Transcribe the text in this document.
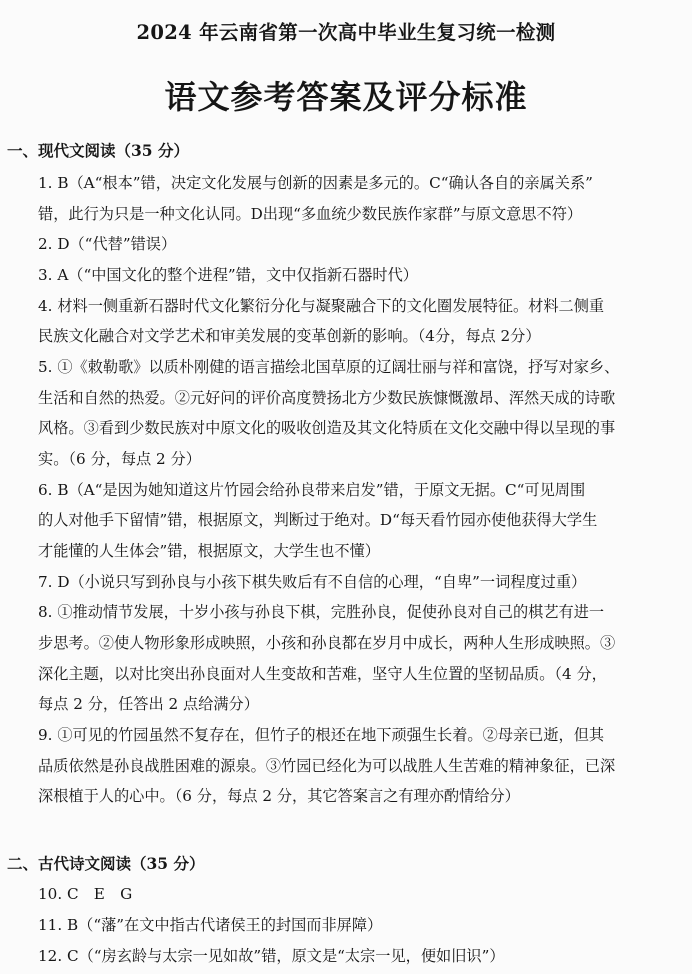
2024 年云南省第一次高中毕业生复习统一检测
语文参考答案及评分标准
一、现代文阅读（35 分）
1. B（A“根本”错，决定文化发展与创新的因素是多元的。C“确认各自的亲属关系”
错，此行为只是一种文化认同。D出现“多血统少数民族作家群”与原文意思不符）
2. D（“代替”错误）
3. A（“中国文化的整个进程”错，文中仅指新石器时代）
4. 材料一侧重新石器时代文化繁衍分化与凝聚融合下的文化圈发展特征。材料二侧重
民族文化融合对文学艺术和审美发展的变革创新的影响。（4分，每点 2分）
5. ①《敕勒歌》以质朴刚健的语言描绘北国草原的辽阔壮丽与祥和富饶，抒写对家乡、
生活和自然的热爱。②元好问的评价高度赞扬北方少数民族慷慨激昂、浑然天成的诗歌
风格。③看到少数民族对中原文化的吸收创造及其文化特质在文化交融中得以呈现的事
实。（6 分，每点 2 分）
6. B（A“是因为她知道这片竹园会给孙良带来启发”错，于原文无据。C“可见周围
的人对他手下留情”错，根据原文，判断过于绝对。D“每天看竹园亦使他获得大学生
才能懂的人生体会”错，根据原文，大学生也不懂）
7. D（小说只写到孙良与小孩下棋失败后有不自信的心理，“自卑”一词程度过重）
8. ①推动情节发展，十岁小孩与孙良下棋，完胜孙良，促使孙良对自己的棋艺有进一
步思考。②使人物形象形成映照，小孩和孙良都在岁月中成长，两种人生形成映照。③
深化主题，以对比突出孙良面对人生变故和苦难，坚守人生位置的坚韧品质。（4 分，
每点 2 分，任答出 2 点给满分）
9. ①可见的竹园虽然不复存在，但竹子的根还在地下顽强生长着。②母亲已逝，但其
品质依然是孙良战胜困难的源泉。③竹园已经化为可以战胜人生苦难的精神象征，已深
深根植于人的心中。（6 分，每点 2 分，其它答案言之有理亦酌情给分）
二、古代诗文阅读（35 分）
10. C　E　G
11. B（“藩”在文中指古代诸侯王的封国而非屏障）
12. C（“房玄龄与太宗一见如故”错，原文是“太宗一见，便如旧识”）
